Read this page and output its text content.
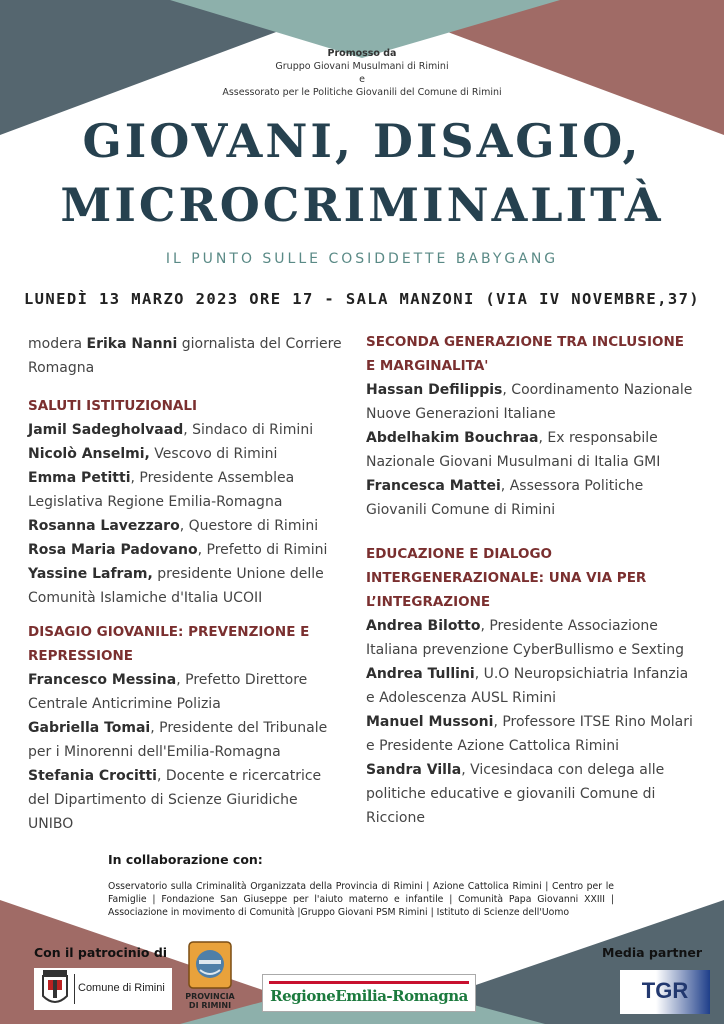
Promosso da
Gruppo Giovani Musulmani di Rimini
e
Assessorato per le Politiche Giovanili del Comune di Rimini
GIOVANI, DISAGIO,
MICROCRIMINALITÀ
IL PUNTO SULLE COSIDDETTE BABYGANG
LUNEDÌ 13 MARZO 2023 ORE 17 - SALA MANZONI (VIA IV NOVEMBRE,37)

modera Erika Nanni giornalista del Corriere Romagna

SALUTI ISTITUZIONALI

Jamil Sadegholvaad, Sindaco di Rimini

Nicolò Anselmi, Vescovo di Rimini

Emma Petitti, Presidente Assemblea Legislativa Regione Emilia-Romagna

Rosanna Lavezzaro, Questore di Rimini

Rosa Maria Padovano, Prefetto di Rimini

Yassine Lafram, presidente Unione delle Comunità Islamiche d'Italia UCOII

DISAGIO GIOVANILE: PREVENZIONE E REPRESSIONE

Francesco Messina, Prefetto Direttore Centrale Anticrimine Polizia

Gabriella Tomai, Presidente del Tribunale per i Minorenni dell'Emilia-Romagna

Stefania Crocitti, Docente e ricercatrice del Dipartimento di Scienze Giuridiche UNIBO

SECONDA GENERAZIONE TRA INCLUSIONE E MARGINALITA'

Hassan Defilippis, Coordinamento Nazionale Nuove Generazioni Italiane

Abdelhakim Bouchraa, Ex responsabile Nazionale Giovani Musulmani di Italia GMI

Francesca Mattei, Assessora Politiche Giovanili Comune di Rimini

EDUCAZIONE E DIALOGO INTERGENERAZIONALE: UNA VIA PER L’INTEGRAZIONE

Andrea Bilotto, Presidente Associazione Italiana prevenzione CyberBullismo e Sexting

Andrea Tullini, U.O Neuropsichiatria Infanzia e Adolescenza AUSL Rimini

Manuel Mussoni, Professore ITSE Rino Molari e Presidente Azione Cattolica Rimini

Sandra Villa, Vicesindaca con delega alle politiche educative e giovanili Comune di Riccione

In collaborazione con:
Osservatorio sulla Criminalità Organizzata della Provincia di Rimini | Azione Cattolica Rimini | Centro per le Famiglie | Fondazione San Giuseppe per l'aiuto materno e infantile | Comunità Papa Giovanni XXIII | Associazione in movimento di Comunità |Gruppo Giovani PSM Rimini | Istituto di Scienze dell'Uomo
Con il patrocinio di	Media partner
Comune di Rimini
PROVINCIA
DI RIMINI
RegioneEmilia-Romagna	TGR
